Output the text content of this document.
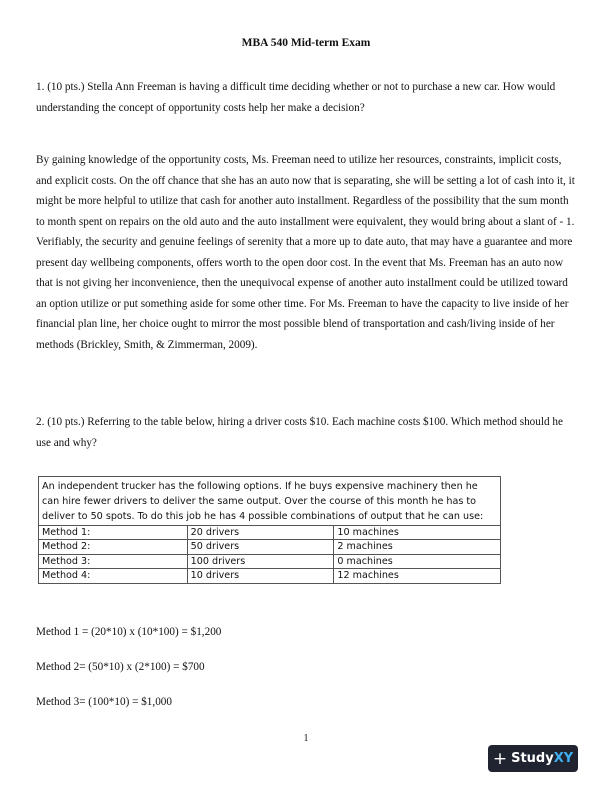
MBA 540 Mid-term Exam

1. (10 pts.) Stella Ann Freeman is having a difficult time deciding whether or not to purchase a new car. How would understanding the concept of opportunity costs help her make a decision?

By gaining knowledge of the opportunity costs, Ms. Freeman need to utilize her resources, constraints, implicit costs, and explicit costs. On the off chance that she has an auto now that is separating, she will be setting a lot of cash into it, it might be more helpful to utilize that cash for another auto installment. Regardless of the possibility that the sum month to month spent on repairs on the old auto and the auto installment were equivalent, they would bring about a slant of - 1. Verifiably, the security and genuine feelings of serenity that a more up to date auto, that may have a guarantee and more present day wellbeing components, offers worth to the open door cost. In the event that Ms. Freeman has an auto now that is not giving her inconvenience, then the unequivocal expense of another auto installment could be utilized toward an option utilize or put something aside for some other time. For Ms. Freeman to have the capacity to live inside of her financial plan line, her choice ought to mirror the most possible blend of transportation and cash/living inside of her methods (Brickley, Smith, & Zimmerman, 2009).

2. (10 pts.) Referring to the table below, hiring a driver costs $10. Each machine costs $100. Which method should he use and why?

An independent trucker has the following options. If he buys expensive machinery then he can hire fewer drivers to deliver the same output. Over the course of this month he has to deliver to 50 spots. To do this job he has 4 possible combinations of output that he can use:		
Method 1:	20 drivers	10 machines
Method 2:	50 drivers	2 machines
Method 3:	100 drivers	0 machines
Method 4:	10 drivers	12 machines

Method 1 = (20*10) x (10*100) = $1,200

Method 2= (50*10) x (2*100) = $700

Method 3= (100*10) = $1,000

1
+ Study XY
